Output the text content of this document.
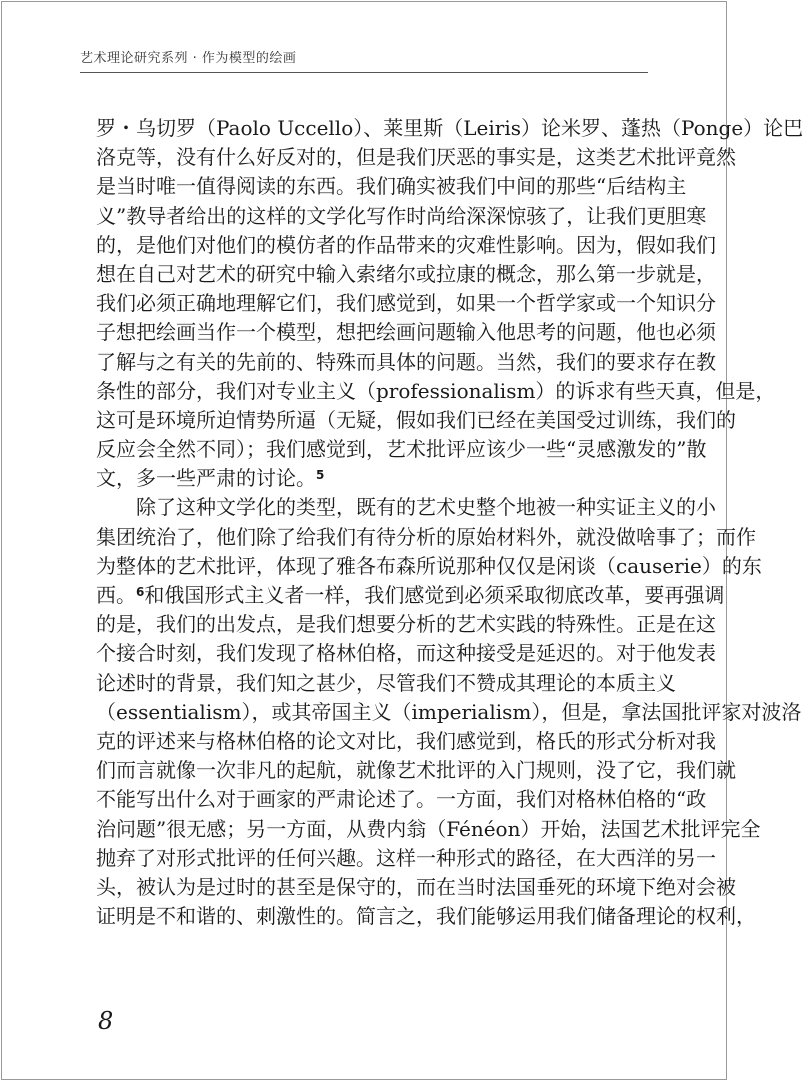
艺术理论研究系列 · 作为模型的绘画
罗・乌切罗（Paolo Uccello）、莱里斯（Leiris）论米罗、蓬热（Ponge）论巴
洛克等，没有什么好反对的，但是我们厌恶的事实是，这类艺术批评竟然
是当时唯一值得阅读的东西。我们确实被我们中间的那些“后结构主
义”教导者给出的这样的文学化写作时尚给深深惊骇了，让我们更胆寒
的，是他们对他们的模仿者的作品带来的灾难性影响。因为，假如我们
想在自己对艺术的研究中输入索绪尔或拉康的概念，那么第一步就是，
我们必须正确地理解它们，我们感觉到，如果一个哲学家或一个知识分
子想把绘画当作一个模型，想把绘画问题输入他思考的问题，他也必须
了解与之有关的先前的、特殊而具体的问题。当然，我们的要求存在教
条性的部分，我们对专业主义（professionalism）的诉求有些天真，但是，
这可是环境所迫情势所逼（无疑，假如我们已经在美国受过训练，我们的
反应会全然不同）；我们感觉到，艺术批评应该少一些“灵感激发的”散
文，多一些严肃的讨论。$^5$
除了这种文学化的类型，既有的艺术史整个地被一种实证主义的小
集团统治了，他们除了给我们有待分析的原始材料外，就没做啥事了；而作
为整体的艺术批评，体现了雅各布森所说那种仅仅是闲谈（causerie）的东
西。$^6$和俄国形式主义者一样，我们感觉到必须采取彻底改革，要再强调
的是，我们的出发点，是我们想要分析的艺术实践的特殊性。正是在这
个接合时刻，我们发现了格林伯格，而这种接受是延迟的。对于他发表
论述时的背景，我们知之甚少，尽管我们不赞成其理论的本质主义
（essentialism），或其帝国主义（imperialism），但是，拿法国批评家对波洛
克的评述来与格林伯格的论文对比，我们感觉到，格氏的形式分析对我
们而言就像一次非凡的起航，就像艺术批评的入门规则，没了它，我们就
不能写出什么对于画家的严肃论述了。一方面，我们对格林伯格的“政
治问题”很无感；另一方面，从费内翁（Fénéon）开始，法国艺术批评完全
抛弃了对形式批评的任何兴趣。这样一种形式的路径，在大西洋的另一
头，被认为是过时的甚至是保守的，而在当时法国垂死的环境下绝对会被
证明是不和谐的、刺激性的。简言之，我们能够运用我们储备理论的权利，
8
